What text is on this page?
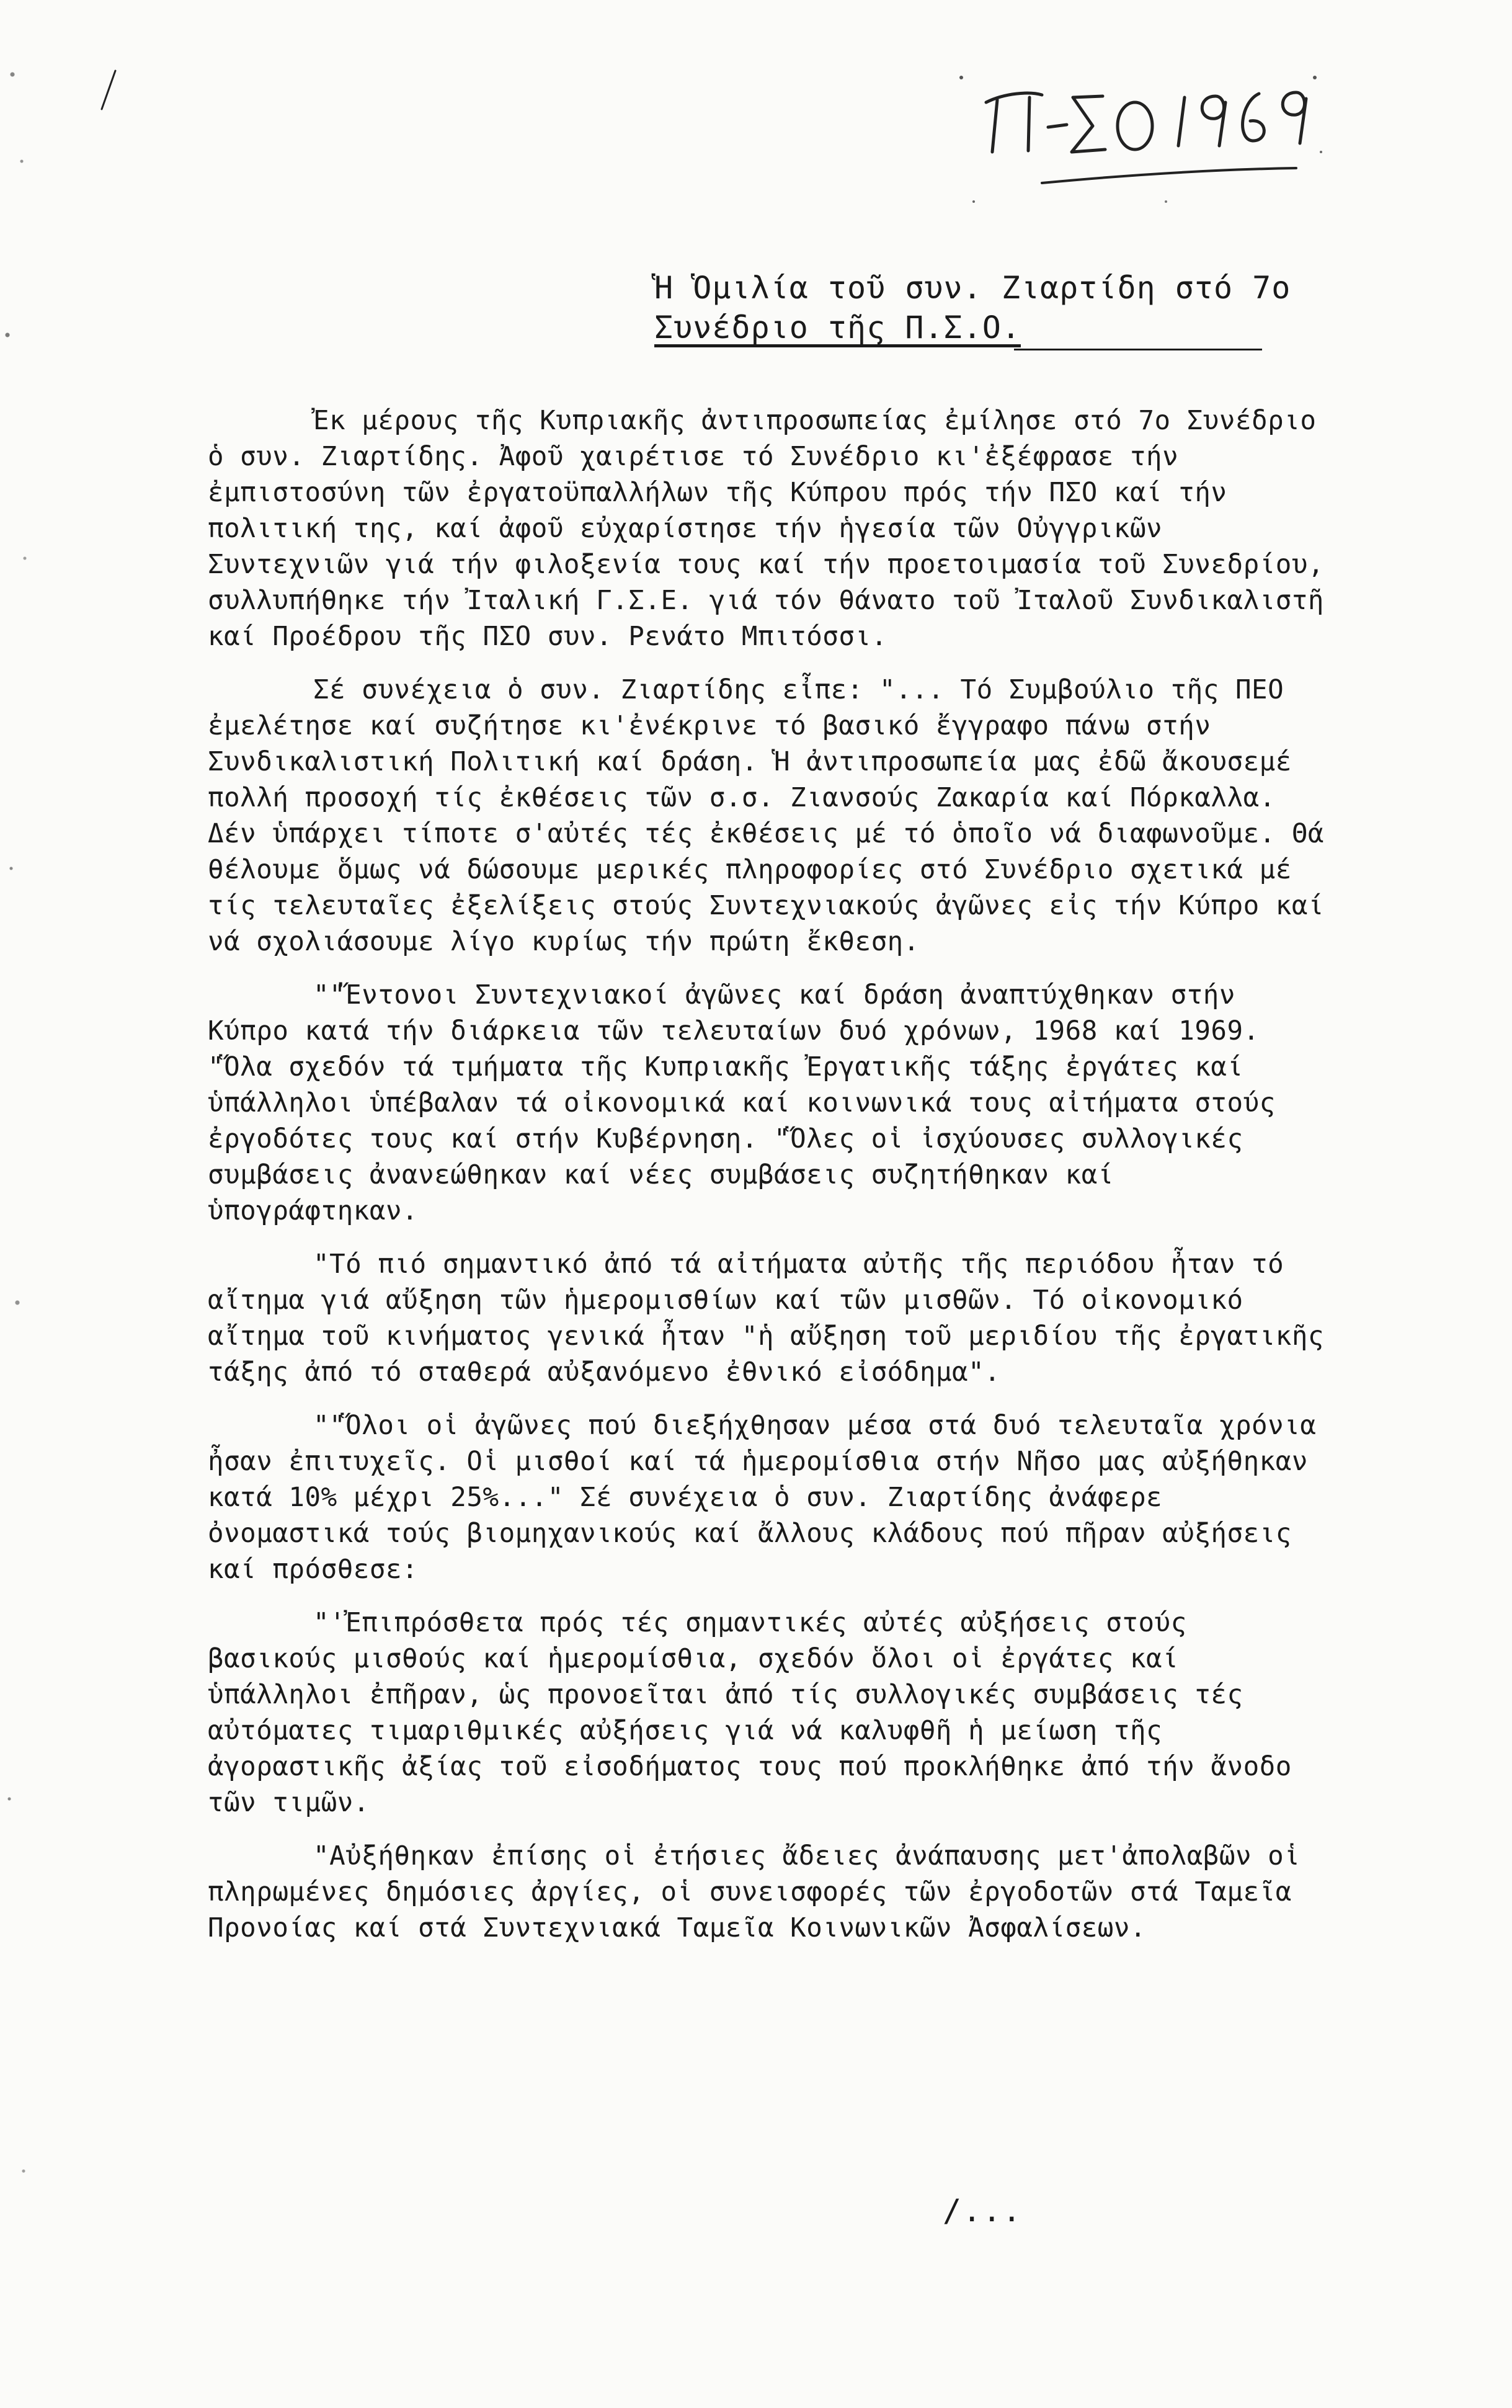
Ἡ Ὁμιλία τοῦ συν. Ζιαρτίδη στό 7ο
Συνέδριο τῆς Π.Σ.Ο.

Ἐκ μέρους τῆς Κυπριακῆς ἀντιπροσωπείας ἐμίλησε στό 7ο Συνέδριο ὁ συν. Ζιαρτίδης. Ἀφοῦ χαιρέτισε τό Συνέδριο κι'ἐξέφρασε τήν ἐμπιστοσύνη τῶν ἐργατοϋπαλλήλων τῆς Κύπρου πρός τήν ΠΣΟ καί τήν πολιτική της, καί ἀφοῦ εὐχαρίστησε τήν ἡγεσία τῶν Οὐγγρικῶν Συντεχνιῶν γιά τήν φιλοξενία τους καί τήν προετοιμασία τοῦ Συνεδρίου, συλλυπήθηκε τήν Ἰταλική Γ.Σ.Ε. γιά τόν θάνατο τοῦ Ἰταλοῦ Συνδικαλιστῆ καί Προέδρου τῆς ΠΣΟ συν. Ρενάτο Μπιτόσσι.

Σέ συνέχεια ὁ συν. Ζιαρτίδης εἶπε: "... Τό Συμβούλιο τῆς ΠΕΟ ἐμελέτησε καί συζήτησε κι'ἐνέκρινε τό βασικό ἔγγραφο πάνω στήν Συνδικαλιστική Πολιτική καί δράση. Ἡ ἀντιπροσωπεία μας ἐδῶ ἄκουσεμέ πολλή προσοχή τίς ἐκθέσεις τῶν σ.σ. Ζιανσούς Ζακαρία καί Πόρκαλλα. Δέν ὑπάρχει τίποτε σ'αὐτές τές ἐκθέσεις μέ τό ὁποῖο νά διαφωνοῦμε. Θά θέλουμε ὅμως νά δώσουμε μερικές πληροφορίες στό Συνέδριο σχετικά μέ τίς τελευταῖες ἐξελίξεις στούς Συντεχνιακούς ἀγῶνες εἰς τήν Κύπρο καί νά σχολιάσουμε λίγο κυρίως τήν πρώτη ἔκθεση.

""Ἔντονοι Συντεχνιακοί ἀγῶνες καί δράση ἀναπτύχθηκαν στήν Κύπρο κατά τήν διάρκεια τῶν τελευταίων δυό χρόνων, 1968 καί 1969. "Ὅλα σχεδόν τά τμήματα τῆς Κυπριακῆς Ἐργατικῆς τάξης ἐργάτες καί ὑπάλληλοι ὑπέβαλαν τά οἰκονομικά καί κοινωνικά τους αἰτήματα στούς ἐργοδότες τους καί στήν Κυβέρνηση. "Ὅλες οἱ ἰσχύουσες συλλογικές συμβάσεις ἀνανεώθηκαν καί νέες συμβάσεις συζητήθηκαν καί ὑπογράφτηκαν.

"Τό πιό σημαντικό ἀπό τά αἰτήματα αὐτῆς τῆς περιόδου ἦταν τό αἴτημα γιά αὔξηση τῶν ἡμερομισθίων καί τῶν μισθῶν. Τό οἰκονομικό αἴτημα τοῦ κινήματος γενικά ἦταν "ἡ αὔξηση τοῦ μεριδίου τῆς ἐργατικῆς τάξης ἀπό τό σταθερά αὐξανόμενο ἐθνικό εἰσόδημα".

""Ὅλοι οἱ ἀγῶνες πού διεξήχθησαν μέσα στά δυό τελευταῖα χρόνια ἦσαν ἐπιτυχεῖς. Οἱ μισθοί καί τά ἡμερομίσθια στήν Νῆσο μας αὐξήθηκαν κατά 10% μέχρι 25%..." Σέ συνέχεια ὁ συν. Ζιαρτίδης ἀνάφερε ὀνομαστικά τούς βιομηχανικούς καί ἄλλους κλάδους πού πῆραν αὐξήσεις καί πρόσθεσε:

"'Ἐπιπρόσθετα πρός τές σημαντικές αὐτές αὐξήσεις στούς βασικούς μισθούς καί ἡμερομίσθια, σχεδόν ὅλοι οἱ ἐργάτες καί ὑπάλληλοι ἐπῆραν, ὡς προνοεῖται ἀπό τίς συλλογικές συμβάσεις τές αὐτόματες τιμαριθμικές αὐξήσεις γιά νά καλυφθῆ ἡ μείωση τῆς ἀγοραστικῆς ἀξίας τοῦ εἰσοδήματος τους πού προκλήθηκε ἀπό τήν ἄνοδο τῶν τιμῶν.

"Αὐξήθηκαν ἐπίσης οἱ ἐτήσιες ἄδειες ἀνάπαυσης μετ'ἀπολαβῶν οἱ πληρωμένες δημόσιες ἀργίες, οἱ συνεισφορές τῶν ἐργοδοτῶν στά Ταμεῖα Προνοίας καί στά Συντεχνιακά Ταμεῖα Κοινωνικῶν Ἀσφαλίσεων.

/...
